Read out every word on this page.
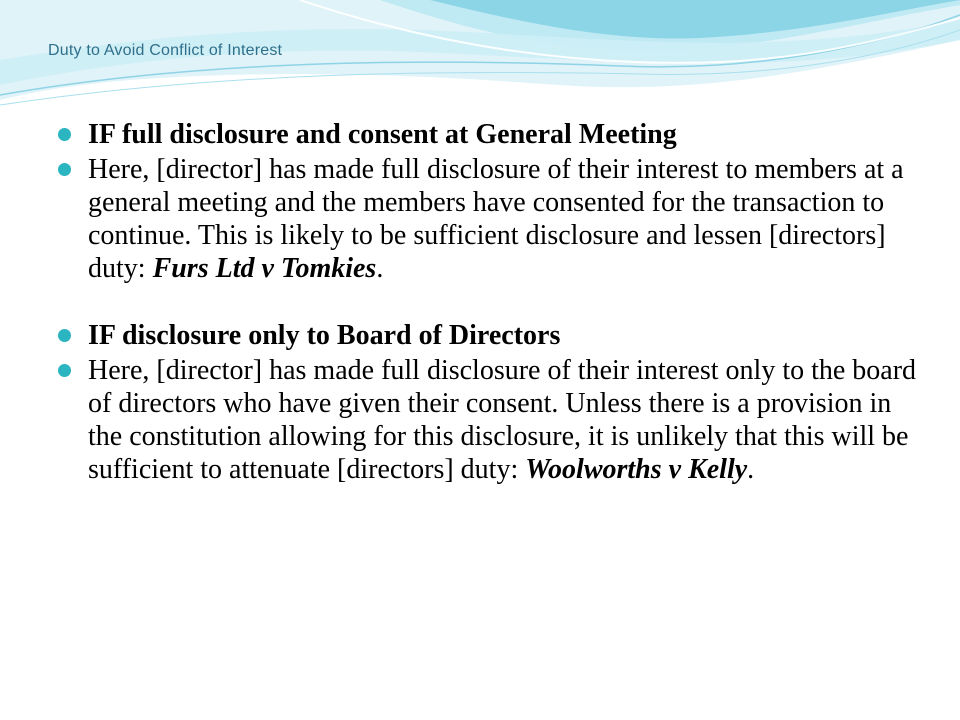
Duty to Avoid Conflict of Interest
IF full disclosure and consent at General Meeting
Here, [director] has made full disclosure of their interest to members at a general meeting and the members have consented for the transaction to continue. This is likely to be sufficient disclosure and lessen [directors] duty: Furs Ltd v Tomkies.
IF disclosure only to Board of Directors
Here, [director] has made full disclosure of their interest only to the board of directors who have given their consent. Unless there is a provision in the constitution allowing for this disclosure, it is unlikely that this will be sufficient to attenuate [directors] duty: Woolworths v Kelly.
